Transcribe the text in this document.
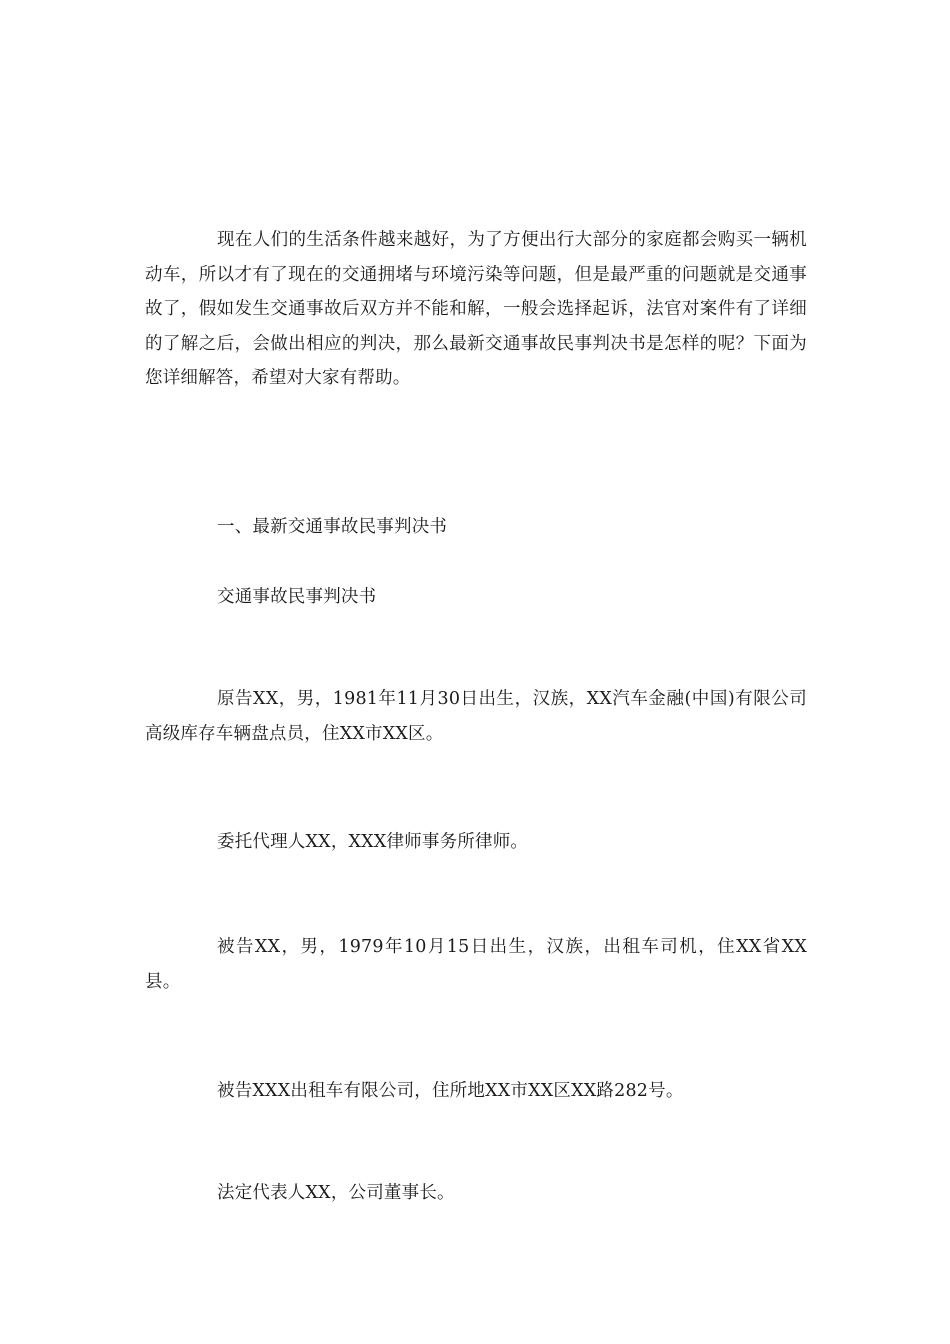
现在人们的生活条件越来越好，为了方便出行大部分的家庭都会购买一辆机动车，所以才有了现在的交通拥堵与环境污染等问题，但是最严重的问题就是交通事故了，假如发生交通事故后双方并不能和解，一般会选择起诉，法官对案件有了详细的了解之后，会做出相应的判决，那么最新交通事故民事判决书是怎样的呢？下面为您详细解答，希望对大家有帮助。

一、最新交通事故民事判决书

交通事故民事判决书

原告XX，男，1981年11月30日出生，汉族，XX汽车金融(中国)有限公司高级库存车辆盘点员，住XX市XX区。

委托代理人XX，XXX律师事务所律师。

被告XX，男，1979年10月15日出生，汉族，出租车司机，住XX省XX县。

被告XXX出租车有限公司，住所地XX市XX区XX路282号。

法定代表人XX，公司董事长。
